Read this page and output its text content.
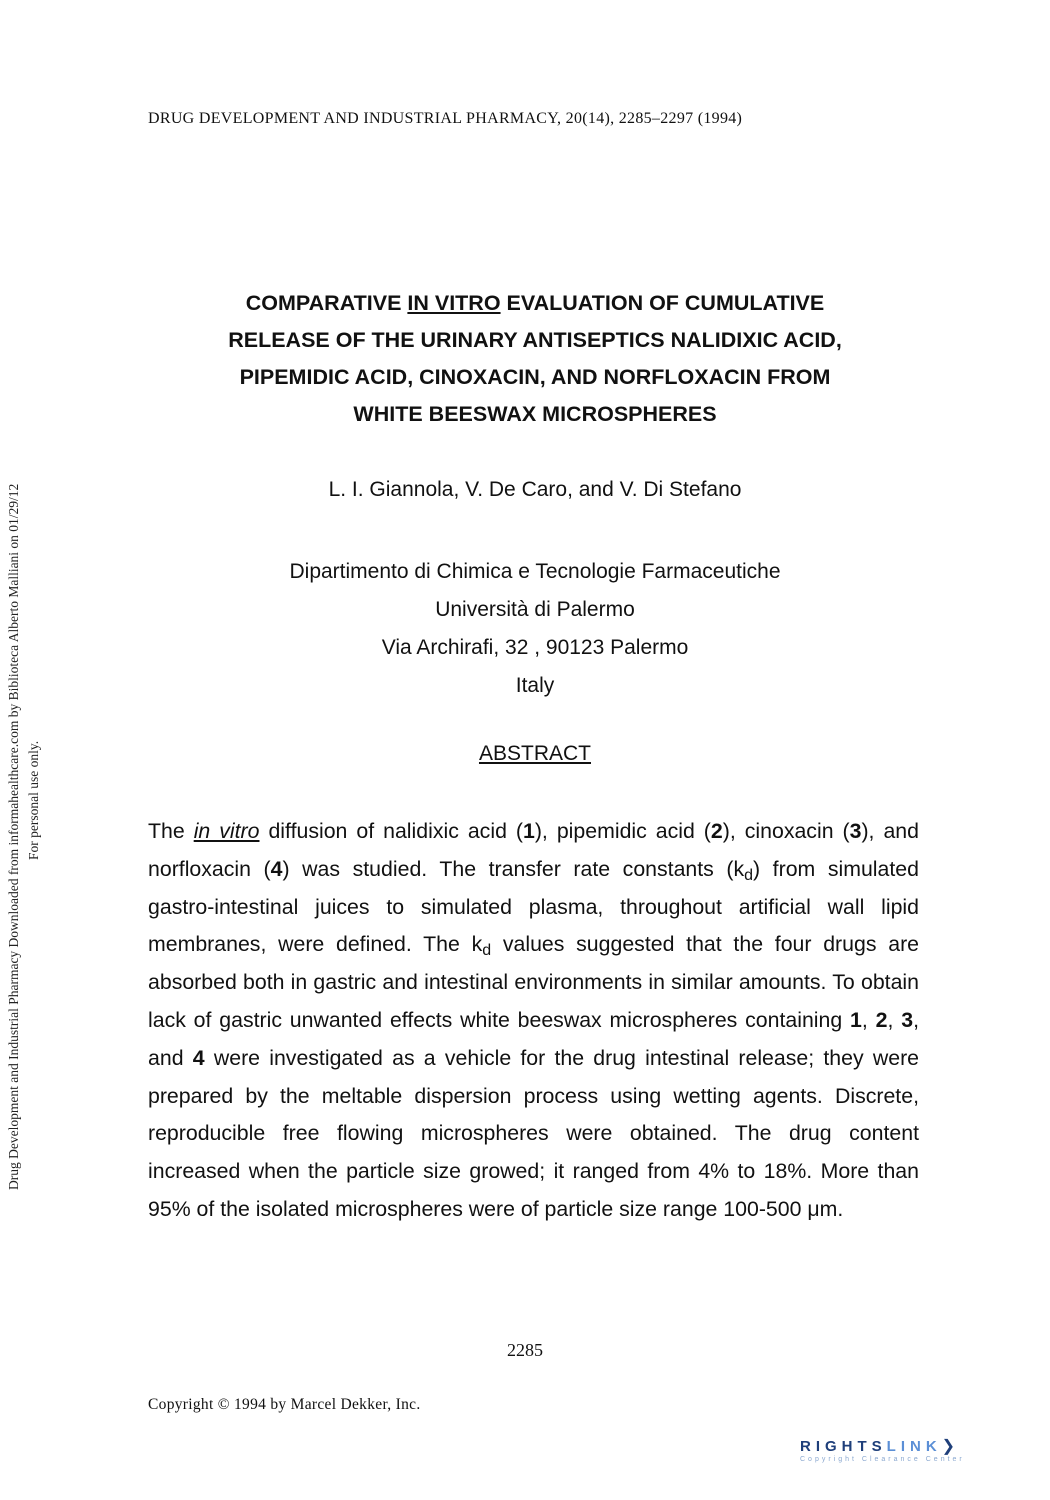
DRUG DEVELOPMENT AND INDUSTRIAL PHARMACY, 20(14), 2285–2297 (1994)
Drug Development and Industrial Pharmacy Downloaded from informahealthcare.com by Biblioteca Alberto Malliani on 01/29/12 For personal use only.
COMPARATIVE IN VITRO EVALUATION OF CUMULATIVE
RELEASE OF THE URINARY ANTISEPTICS NALIDIXIC ACID,
PIPEMIDIC ACID, CINOXACIN, AND NORFLOXACIN FROM
WHITE BEESWAX MICROSPHERES
L. I. Giannola, V. De Caro, and V. Di Stefano
Dipartimento di Chimica e Tecnologie Farmaceutiche
Università di Palermo
Via Archirafi, 32 , 90123 Palermo
Italy
ABSTRACT

The in vitro diffusion of nalidixic acid (1), pipemidic acid (2), cinoxacin (3), and norfloxacin (4) was studied. The transfer rate constants $(k_d)$ from simulated gastro-intestinal juices to simulated plasma, throughout artificial wall lipid membranes, were defined. The $k_d$ values suggested that the four drugs are absorbed both in gastric and intestinal environments in similar amounts. To obtain lack of gastric unwanted effects white beeswax microspheres containing 1, 2, 3, and 4 were investigated as a vehicle for the drug intestinal release; they were prepared by the meltable dispersion process using wetting agents. Discrete, reproducible free flowing microspheres were obtained. The drug content increased when the particle size growed; it ranged from 4% to 18%. More than 95% of the isolated microspheres were of particle size range 100-500 μm.

2285
Copyright © 1994 by Marcel Dekker, Inc.
RIGHTSLINK❯
Copyright Clearance Center
